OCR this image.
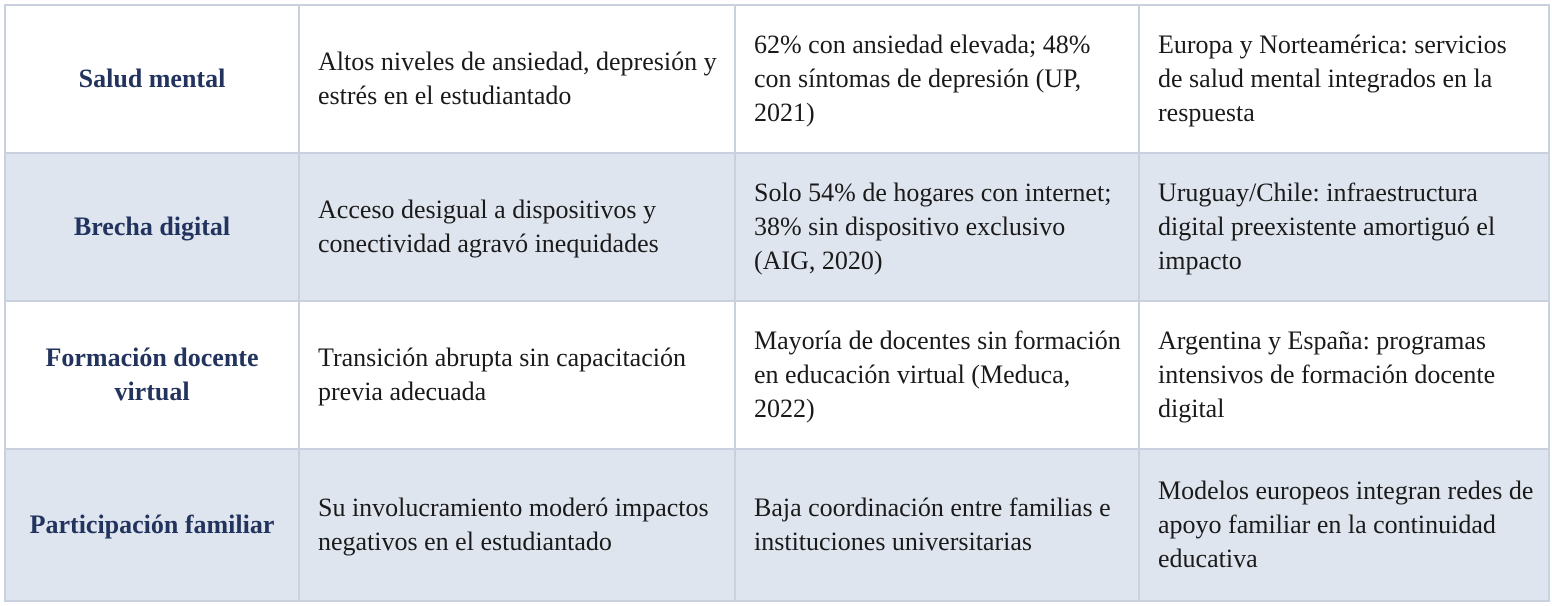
Salud mental	Altos niveles de ansiedad, depresión y estrés en el estudiantado	62% con ansiedad elevada; 48% con síntomas de depresión (UP, 2021)	Europa y Norteamérica: servicios de salud mental integrados en la respuesta
Brecha digital	Acceso desigual a dispositivos y conectividad agravó inequidades	Solo 54% de hogares con internet; 38% sin dispositivo exclusivo (AIG, 2020)	Uruguay/Chile: infraestructura digital preexistente amortiguó el impacto
Formación docente virtual	Transición abrupta sin capacitación previa adecuada	Mayoría de docentes sin formación en educación virtual (Meduca, 2022)	Argentina y España: programas intensivos de formación docente digital
Participación familiar	Su involucramiento moderó impactos negativos en el estudiantado	Baja coordinación entre familias e instituciones universitarias	Modelos europeos integran redes de apoyo familiar en la continuidad educativa
